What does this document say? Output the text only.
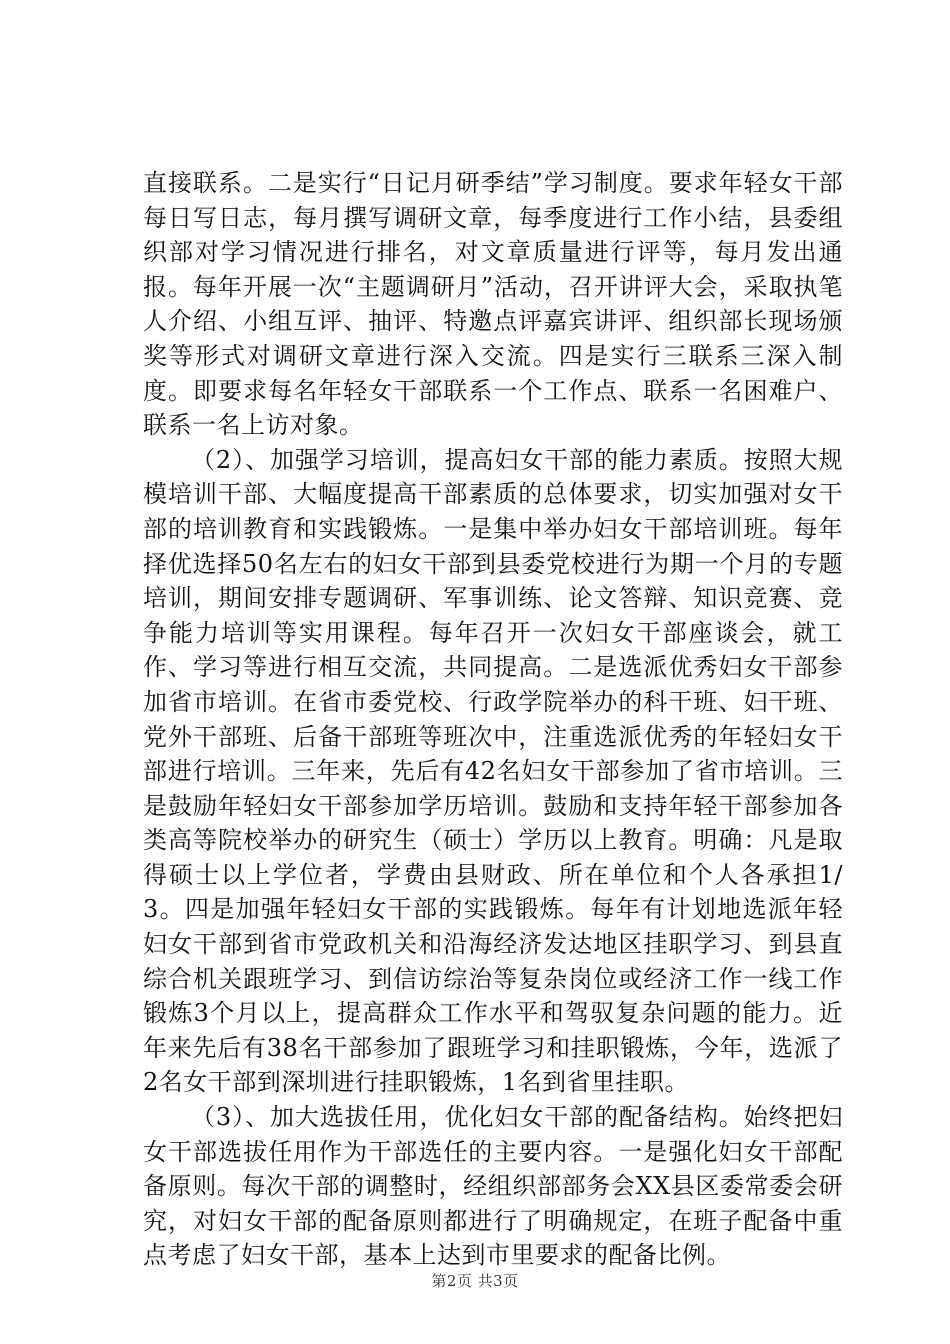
直接联系。二是实行“日记月研季结”学习制度。要求年轻女干部每日写日志，每月撰写调研文章，每季度进行工作小结，县委组织部对学习情况进行排名，对文章质量进行评等，每月发出通报。每年开展一次“主题调研月”活动，召开讲评大会，采取执笔人介绍、小组互评、抽评、特邀点评嘉宾讲评、组织部长现场颁奖等形式对调研文章进行深入交流。四是实行三联系三深入制度。即要求每名年轻女干部联系一个工作点、联系一名困难户、联系一名上访对象。

（2）、加强学习培训，提高妇女干部的能力素质。按照大规模培训干部、大幅度提高干部素质的总体要求，切实加强对女干部的培训教育和实践锻炼。一是集中举办妇女干部培训班。每年择优选择50名左右的妇女干部到县委党校进行为期一个月的专题培训，期间安排专题调研、军事训练、论文答辩、知识竞赛、竞争能力培训等实用课程。每年召开一次妇女干部座谈会，就工作、学习等进行相互交流，共同提高。二是选派优秀妇女干部参加省市培训。在省市委党校、行政学院举办的科干班、妇干班、党外干部班、后备干部班等班次中，注重选派优秀的年轻妇女干部进行培训。三年来，先后有42名妇女干部参加了省市培训。三是鼓励年轻妇女干部参加学历培训。鼓励和支持年轻干部参加各类高等院校举办的研究生（硕士）学历以上教育。明确：凡是取得硕士以上学位者，学费由县财政、所在单位和个人各承担1/3。四是加强年轻妇女干部的实践锻炼。每年有计划地选派年轻妇女干部到省市党政机关和沿海经济发达地区挂职学习、到县直综合机关跟班学习、到信访综治等复杂岗位或经济工作一线工作锻炼3个月以上，提高群众工作水平和驾驭复杂问题的能力。近年来先后有38名干部参加了跟班学习和挂职锻炼，今年，选派了2名女干部到深圳进行挂职锻炼，1名到省里挂职。

（3）、加大选拔任用，优化妇女干部的配备结构。始终把妇女干部选拔任用作为干部选任的主要内容。一是强化妇女干部配备原则。每次干部的调整时，经组织部部务会XX县区委常委会研究，对妇女干部的配备原则都进行了明确规定，在班子配备中重点考虑了妇女干部，基本上达到市里要求的配备比例。

第2页 共3页
